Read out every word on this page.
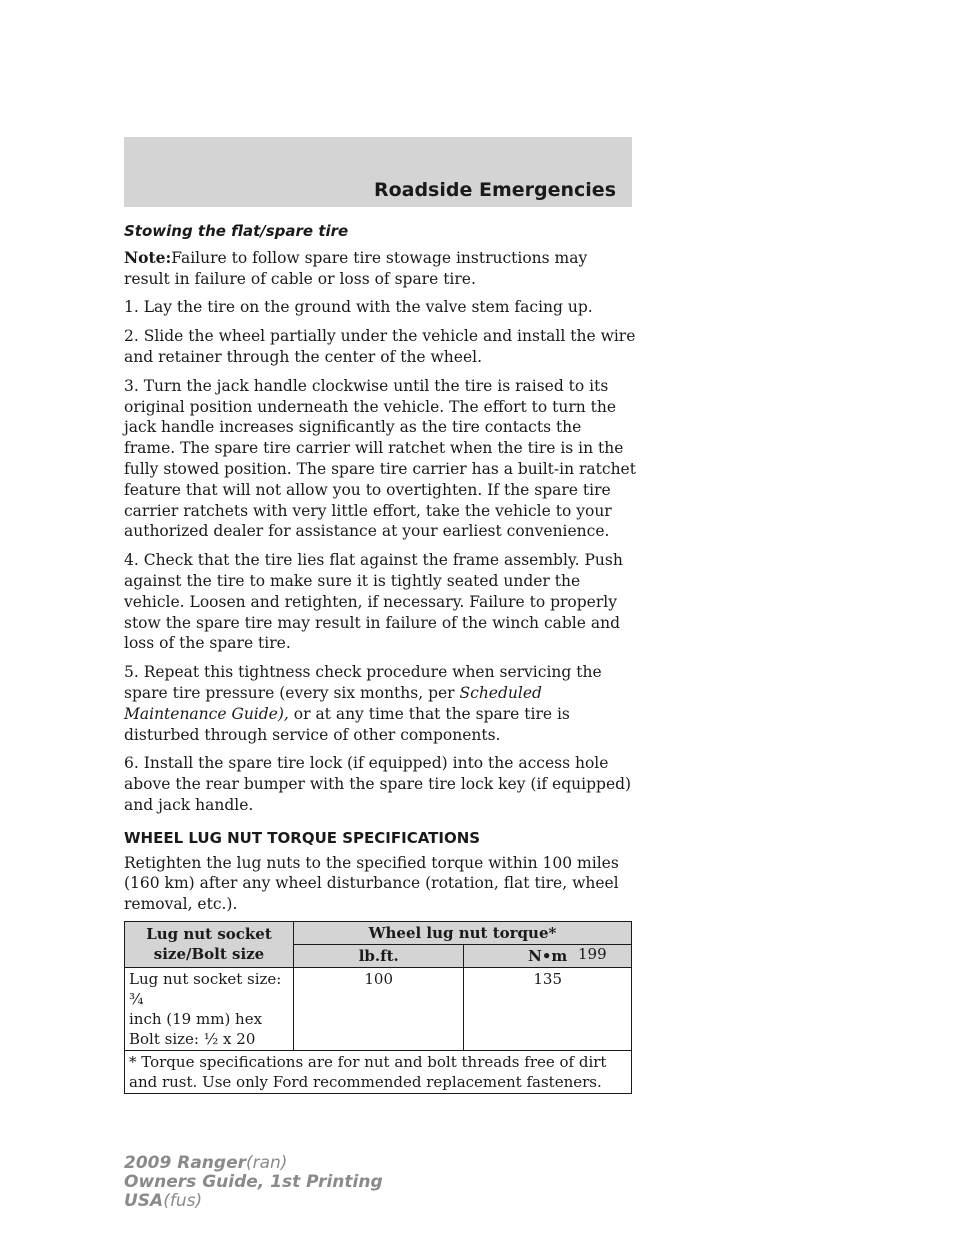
Roadside Emergencies
Stowing the flat/spare tire

Note:Failure to follow spare tire stowage instructions may result in failure of cable or loss of spare tire.

1. Lay the tire on the ground with the valve stem facing up.

2. Slide the wheel partially under the vehicle and install the wire and retainer through the center of the wheel.

3. Turn the jack handle clockwise until the tire is raised to its original position underneath the vehicle. The effort to turn the jack handle increases significantly as the tire contacts the frame. The spare tire carrier will ratchet when the tire is in the fully stowed position. The spare tire carrier has a built-in ratchet feature that will not allow you to overtighten. If the spare tire carrier ratchets with very little effort, take the vehicle to your authorized dealer for assistance at your earliest convenience.

4. Check that the tire lies flat against the frame assembly. Push against the tire to make sure it is tightly seated under the vehicle. Loosen and retighten, if necessary. Failure to properly stow the spare tire may result in failure of the winch cable and loss of the spare tire.

5. Repeat this tightness check procedure when servicing the spare tire pressure (every six months, per Scheduled Maintenance Guide), or at any time that the spare tire is disturbed through service of other components.

6. Install the spare tire lock (if equipped) into the access hole above the rear bumper with the spare tire lock key (if equipped) and jack handle.

WHEEL LUG NUT TORQUE SPECIFICATIONS

Retighten the lug nuts to the specified torque within 100 miles (160 km) after any wheel disturbance (rotation, flat tire, wheel removal, etc.).

Lug nut socket size/Bolt size	Wheel lug nut torque*	
	lb.ft.	N•m

Lug nut socket size: ¾
inch (19 mm) hex
Bolt size: ½ x 20	100	135
* Torque specifications are for nut and bolt threads free of dirt and rust. Use only Ford recommended replacement fasteners.		
199
2009 Ranger(ran)
Owners Guide, 1st Printing
USA(fus)
